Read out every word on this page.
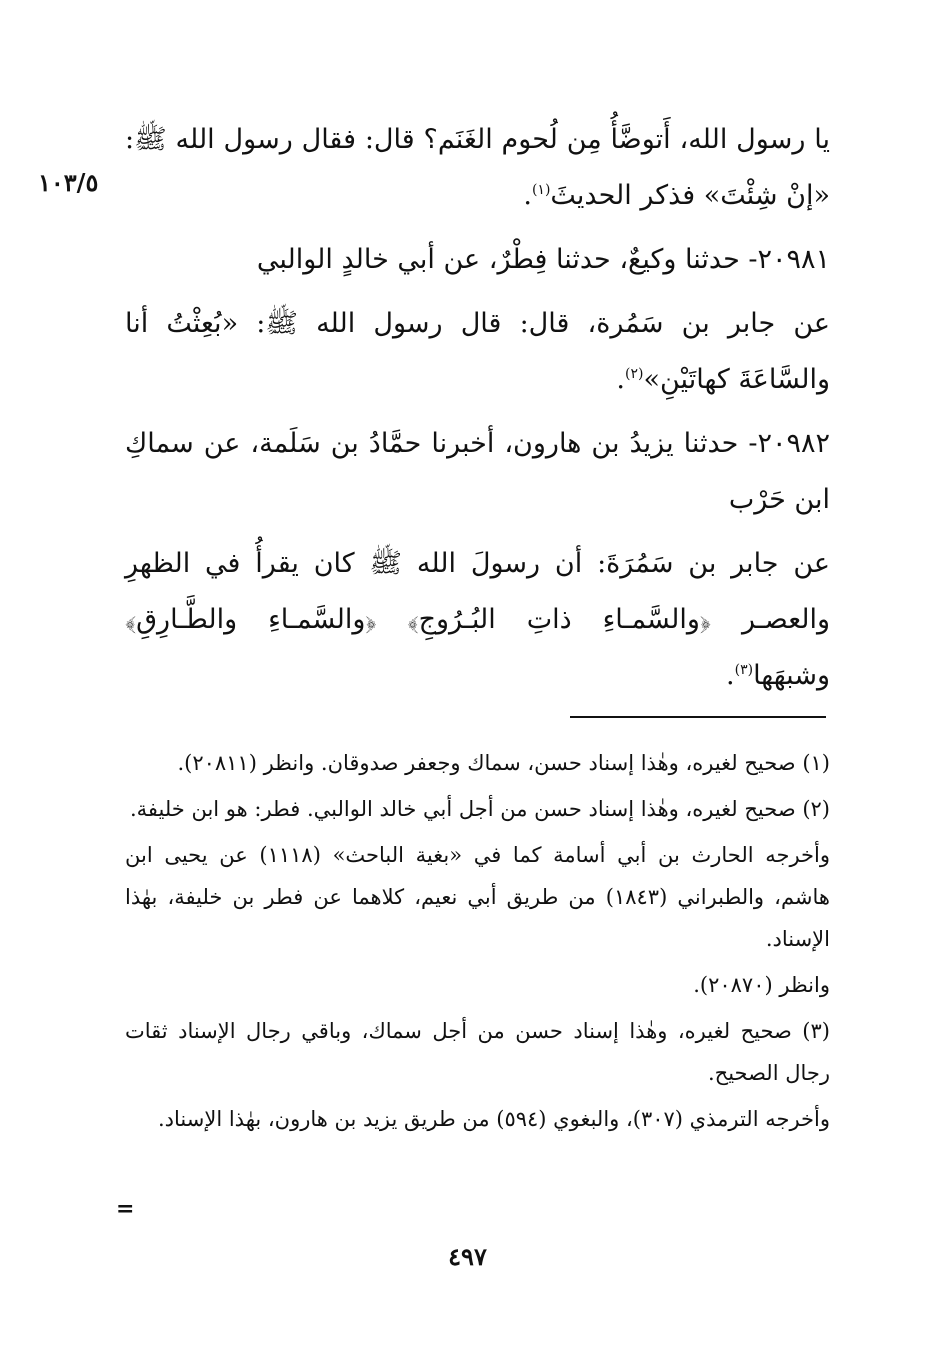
١٠٣/٥

يا رسول الله، أَتوضَّأُ مِن لُحوم الغَنَم؟ قال: فقال رسول الله ﷺ: «إنْ شِئْتَ» فذكر الحديثَ$^{(١)}$.

٢٠٩٨١- حدثنا وكيعٌ، حدثنا فِطْرٌ، عن أبي خالدٍ الوالبي

عن جابر بن سَمُرة، قال: قال رسول الله ﷺ: «بُعِثْتُ أنا والسَّاعَةَ كهاتَيْنِ»$^{(٢)}$.

٢٠٩٨٢- حدثنا يزيدُ بن هارون، أخبرنا حمَّادُ بن سَلَمة، عن سماكِ ابن حَرْب

عن جابر بن سَمُرَةَ: أن رسولَ الله ﷺ كان يقرأُ في الظهرِ والعصـر ﴿والسَّمـاءِ ذاتِ البُـرُوجِ﴾ ﴿والسَّمـاءِ والطَّـارِقِ﴾ وشبهَها$^{(٣)}$.

(١) صحيح لغيره، وهٰذا إسناد حسن، سماك وجعفر صدوقان. وانظر (٢٠٨١١).

(٢) صحيح لغيره، وهٰذا إسناد حسن من أجل أبي خالد الوالبي. فطر: هو ابن خليفة.

وأخرجه الحارث بن أبي أسامة كما في «بغية الباحث» (١١١٨) عن يحيى ابن هاشم، والطبراني (١٨٤٣) من طريق أبي نعيم، كلاهما عن فطر بن خليفة، بهٰذا الإسناد.

وانظر (٢٠٨٧٠).

(٣) صحيح لغيره، وهٰذا إسناد حسن من أجل سماك، وباقي رجال الإسناد ثقات رجال الصحيح.

وأخرجه الترمذي (٣٠٧)، والبغوي (٥٩٤) من طريق يزيد بن هارون، بهٰذا الإسناد.

=
٤٩٧
